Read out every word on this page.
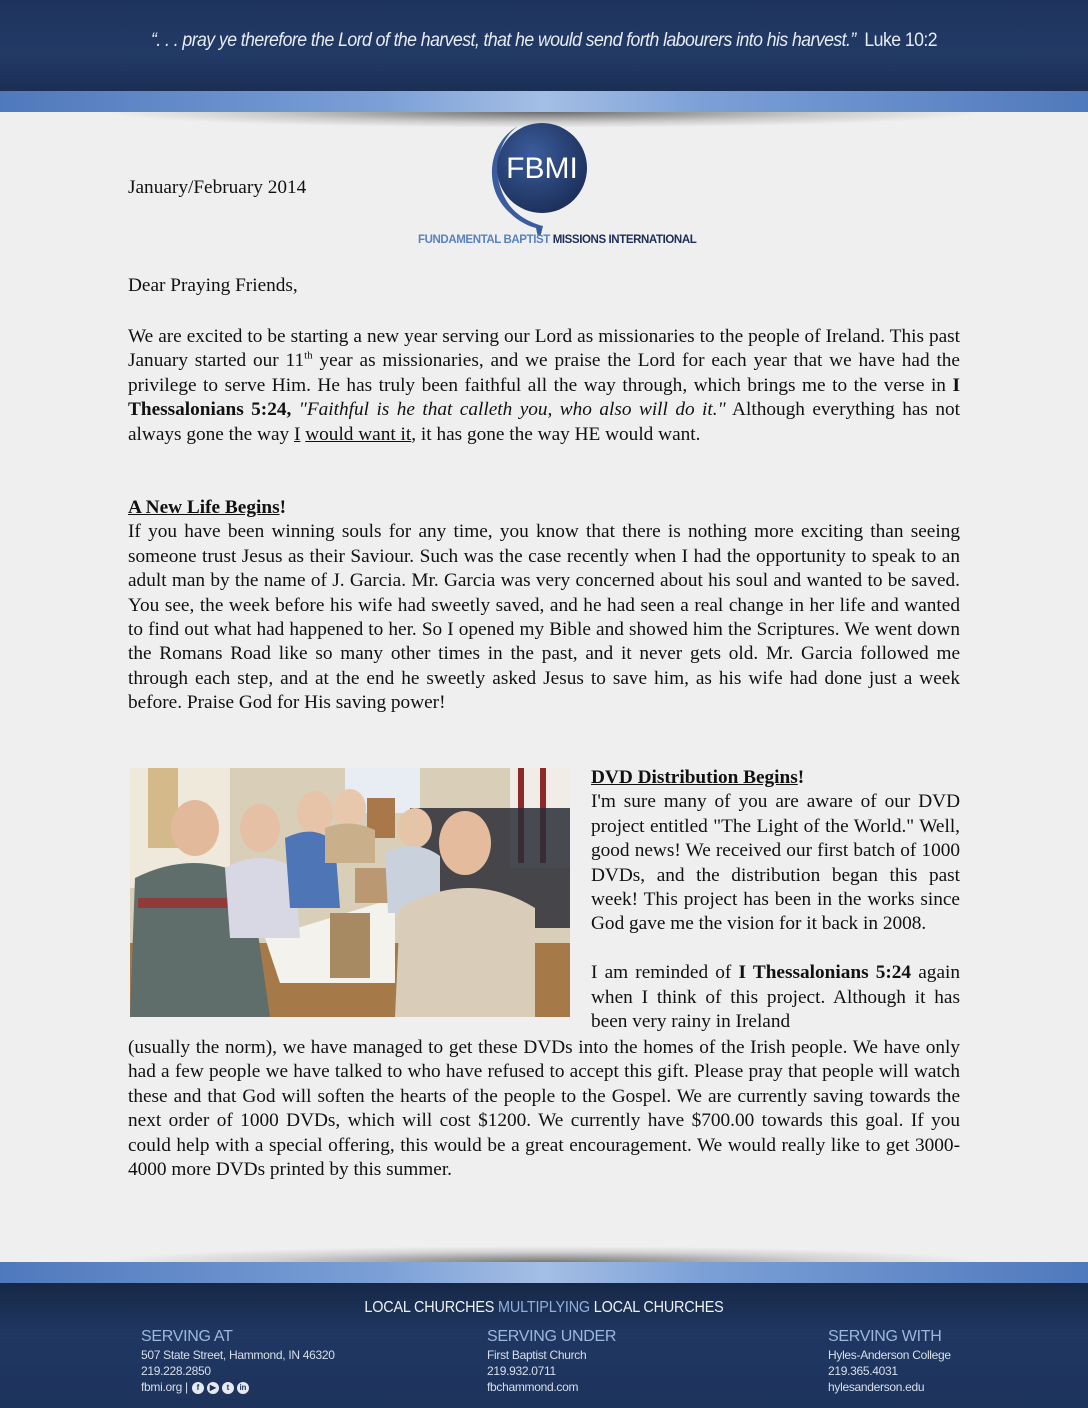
“. . . pray ye therefore the Lord of the harvest, that he would send forth labourers into his harvest.” Luke 10:2
FBMI
FUNDAMENTAL BAPTIST MISSIONS INTERNATIONAL
January/February 2014
Dear Praying Friends,

We are excited to be starting a new year serving our Lord as missionaries to the people of Ireland. This past January started our 11th year as missionaries, and we praise the Lord for each year that we have had the privilege to serve Him. He has truly been faithful all the way through, which brings me to the verse in I Thessalonians 5:24, "Faithful is he that calleth you, who also will do it." Although everything has not always gone the way I would want it, it has gone the way HE would want.

A New Life Begins!

If you have been winning souls for any time, you know that there is nothing more exciting than seeing someone trust Jesus as their Saviour. Such was the case recently when I had the opportunity to speak to an adult man by the name of J. Garcia. Mr. Garcia was very concerned about his soul and wanted to be saved. You see, the week before his wife had sweetly saved, and he had seen a real change in her life and wanted to find out what had happened to her. So I opened my Bible and showed him the Scriptures. We went down the Romans Road like so many other times in the past, and it never gets old. Mr. Garcia followed me through each step, and at the end he sweetly asked Jesus to save him, as his wife had done just a week before. Praise God for His saving power!

DVD Distribution Begins!

I'm sure many of you are aware of our DVD project entitled "The Light of the World." Well, good news! We received our first batch of 1000 DVDs, and the distribution began this past week! This project has been in the works since God gave me the vision for it back in 2008.

I am reminded of I Thessalonians 5:24 again when I think of this project. Although it has been very rainy in Ireland

(usually the norm), we have managed to get these DVDs into the homes of the Irish people. We have only had a few people we have talked to who have refused to accept this gift. Please pray that people will watch these and that God will soften the hearts of the people to the Gospel. We are currently saving towards the next order of 1000 DVDs, which will cost $1200. We currently have $700.00 towards this goal. If you could help with a special offering, this would be a great encouragement. We would really like to get 3000-4000 more DVDs printed by this summer.

LOCAL CHURCHES MULTIPLYING LOCAL CHURCHES
SERVING AT
507 State Street, Hammond, IN 46320
219.228.2850
fbmi.org |	f	▶	t	in
SERVING UNDER
First Baptist Church
219.932.0711
fbchammond.com
SERVING WITH
Hyles-Anderson College
219.365.4031
hylesanderson.edu
